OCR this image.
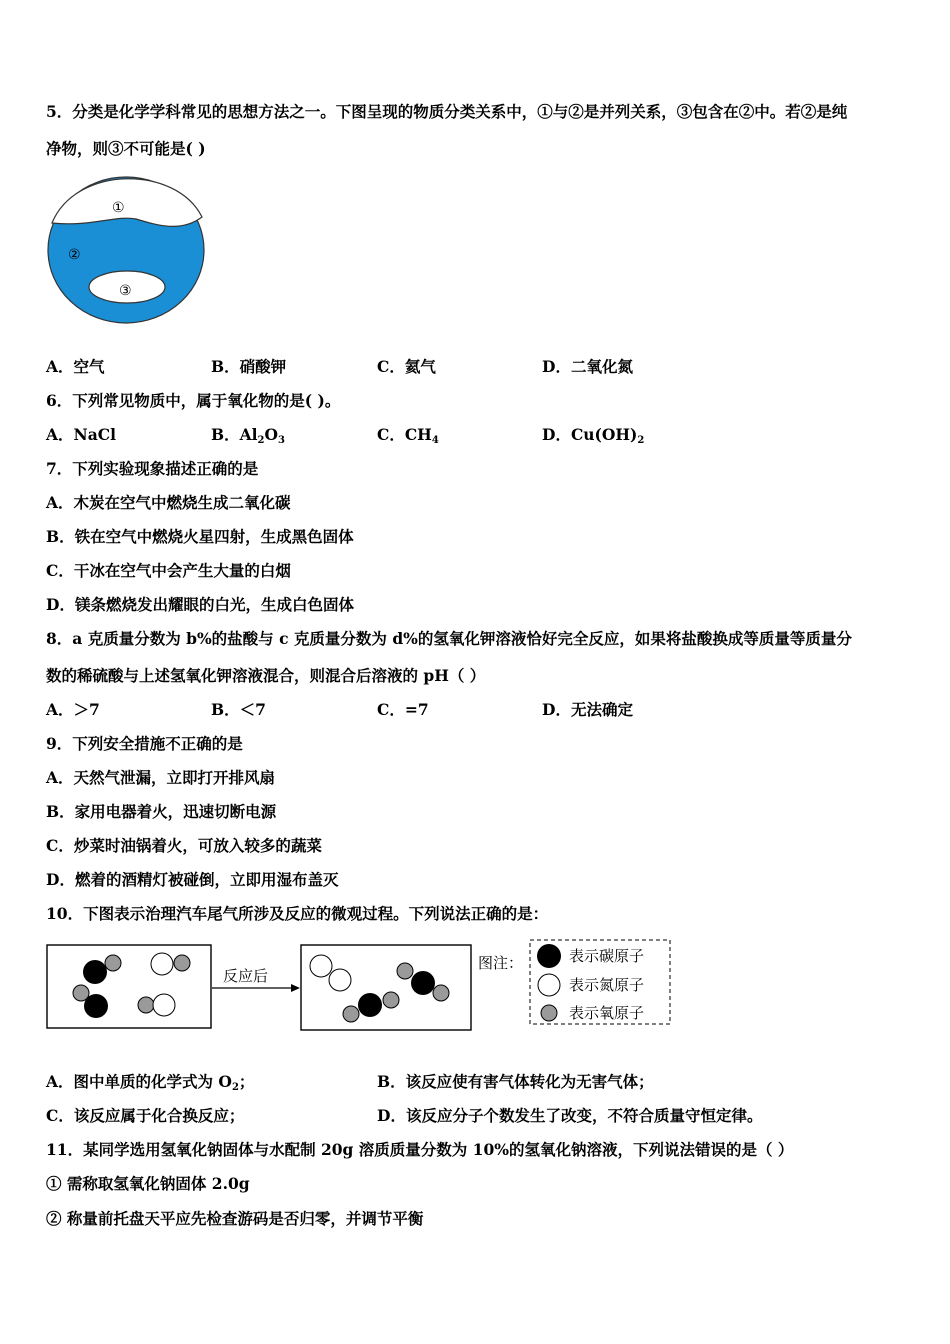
5．分类是化学学科常见的思想方法之一。下图呈现的物质分类关系中，①与②是并列关系，③包含在②中。若②是纯
净物，则③不可能是( )
①
②
③
A．空气	B．硝酸钾	C．氦气	D．二氧化氮
6．下列常见物质中，属于氧化物的是( )。
A．NaCl	B．$Al_2O_3$	C．$CH_4$	D．$Cu(OH)_2$
7．下列实验现象描述正确的是
A．木炭在空气中燃烧生成二氧化碳
B．铁在空气中燃烧火星四射，生成黑色固体
C．干冰在空气中会产生大量的白烟
D．镁条燃烧发出耀眼的白光，生成白色固体
8．a 克质量分数为 b%的盐酸与 c 克质量分数为 d%的氢氧化钾溶液恰好完全反应，如果将盐酸换成等质量等质量分
数的稀硫酸与上述氢氧化钾溶液混合，则混合后溶液的 pH（ ）
A．＞7	B．＜7	C．=7	D．无法确定
9．下列安全措施不正确的是
A．天然气泄漏，立即打开排风扇
B．家用电器着火，迅速切断电源
C．炒菜时油锅着火，可放入较多的蔬菜
D．燃着的酒精灯被碰倒，立即用湿布盖灭
10．下图表示治理汽车尾气所涉及反应的微观过程。下列说法正确的是：
反应后
图注：	表示碳原子
表示氮原子
表示氧原子
A．图中单质的化学式为 $O_2$；	B．该反应使有害气体转化为无害气体；
C．该反应属于化合换反应；	D．该反应分子个数发生了改变，不符合质量守恒定律。
11．某同学选用氢氧化钠固体与水配制 20g 溶质质量分数为 10%的氢氧化钠溶液，下列说法错误的是（ ）
① 需称取氢氧化钠固体 2.0g
② 称量前托盘天平应先检查游码是否归零，并调节平衡
